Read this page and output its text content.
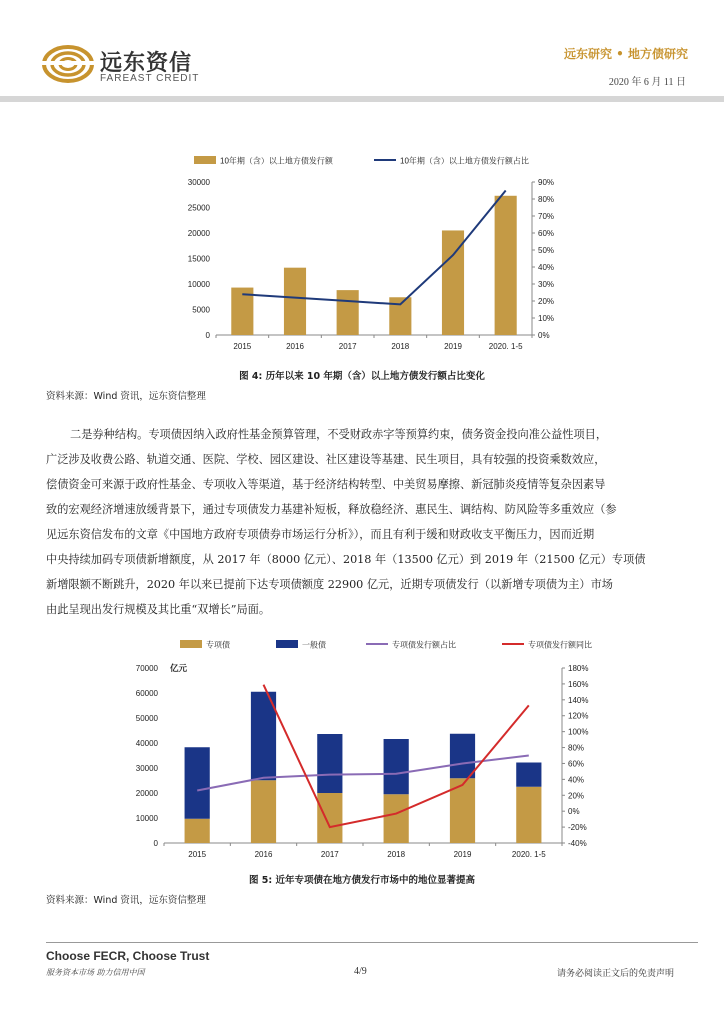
远东资信
FAREAST CREDIT
远东研究 • 地方债研究
2020 年 6 月 11 日
0
5000
10000
15000
20000
25000
30000
0%
10%
20%
30%
40%
50%
60%
70%
80%
90%
2015	2016	2017	2018	2019	2020. 1-5
10年期（含）以上地方债发行额	10年期（含）以上地方债发行额占比
图 4: 历年以来 10 年期（含）以上地方债发行额占比变化
资料来源：Wind 资讯，远东资信整理
二是券种结构。专项债因纳入政府性基金预算管理，不受财政赤字等预算约束，债务资金投向准公益性项目，
广泛涉及收费公路、轨道交通、医院、学校、园区建设、社区建设等基建、民生项目，具有较强的投资乘数效应，
偿债资金可来源于政府性基金、专项收入等渠道，基于经济结构转型、中美贸易摩擦、新冠肺炎疫情等复杂因素导
致的宏观经济增速放缓背景下，通过专项债发力基建补短板，释放稳经济、惠民生、调结构、防风险等多重效应（参
见远东资信发布的文章《中国地方政府专项债券市场运行分析》），而且有利于缓和财政收支平衡压力，因而近期
中央持续加码专项债新增额度，从 2017 年（8000 亿元）、2018 年（13500 亿元）到 2019 年（21500 亿元）专项债
新增限额不断跳升，2020 年以来已提前下达专项债额度 22900 亿元，近期专项债发行（以新增专项债为主）市场
由此呈现出发行规模及其比重“双增长”局面。
0
10000
20000
30000
40000
50000
60000
70000
-40%
-20%
0%
20%
40%
60%
80%
100%
120%
140%
160%
180%
2015	2016	2017	2018	2019	2020. 1-5
专项债	一般债	专项债发行额占比	专项债发行额同比
亿元
图 5: 近年专项债在地方债发行市场中的地位显著提高
资料来源：Wind 资讯，远东资信整理
Choose FECR, Choose Trust
服务资本市场 助力信用中国	4/9	请务必阅读正文后的免责声明
